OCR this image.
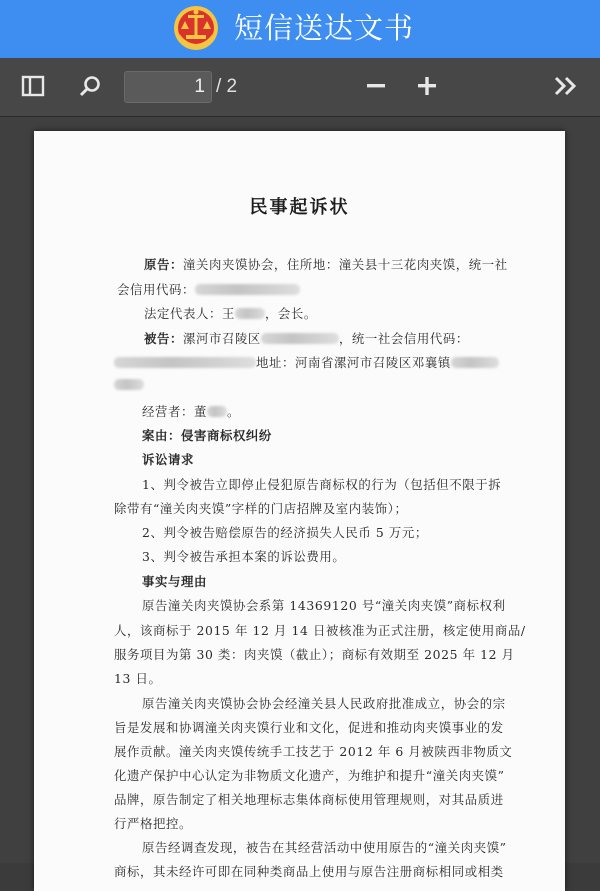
短信送达文书
1 / 2
民事起诉状
原告：潼关肉夹馍协会，住所地：潼关县十三花肉夹馍，统一社
会信用代码：
法定代表人：王 ，会长。
被告：漯河市召陵区	，统一社会信用代码：
地址：河南省漯河市召陵区邓襄镇
经营者：董 。
案由：侵害商标权纠纷
诉讼请求
1、判令被告立即停止侵犯原告商标权的行为（包括但不限于拆
除带有“潼关肉夹馍”字样的门店招牌及室内装饰）；
2、判令被告赔偿原告的经济损失人民币 5 万元；
3、判令被告承担本案的诉讼费用。
事实与理由
原告潼关肉夹馍协会系第 14369120 号“潼关肉夹馍”商标权利
人，该商标于 2015 年 12 月 14 日被核准为正式注册，核定使用商品/
服务项目为第 30 类：肉夹馍（截止）；商标有效期至 2025 年 12 月
13 日。
原告潼关肉夹馍协会协会经潼关县人民政府批准成立，协会的宗
旨是发展和协调潼关肉夹馍行业和文化，促进和推动肉夹馍事业的发
展作贡献。潼关肉夹馍传统手工技艺于 2012 年 6 月被陕西非物质文
化遗产保护中心认定为非物质文化遗产，为维护和提升“潼关肉夹馍”
品牌，原告制定了相关地理标志集体商标使用管理规则，对其品质进
行严格把控。
原告经调查发现，被告在其经营活动中使用原告的“潼关肉夹馍”
商标，其未经许可即在同种类商品上使用与原告注册商标相同或相类
